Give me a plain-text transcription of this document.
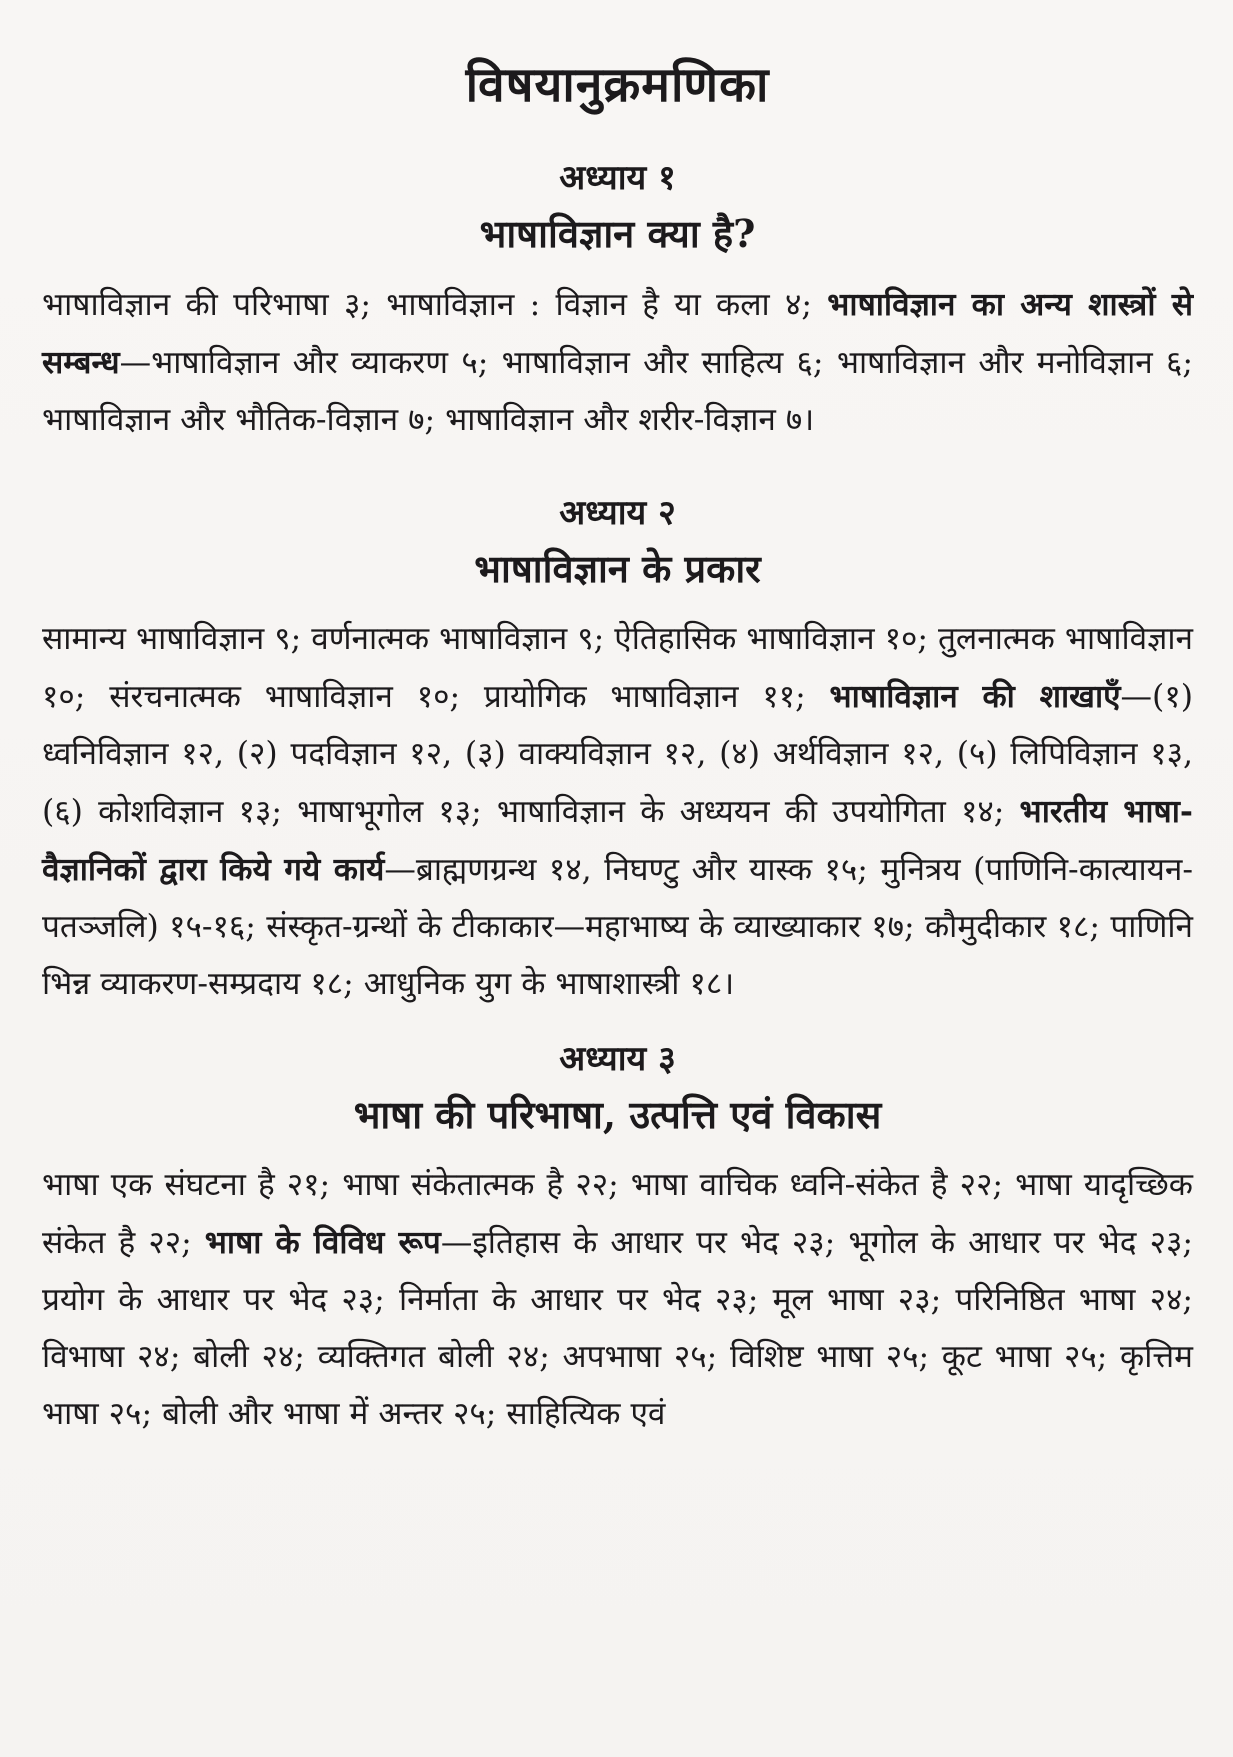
विषयानुक्रमणिका
अध्याय १
भाषाविज्ञान क्या है?

भाषाविज्ञान की परिभाषा ३; भाषाविज्ञान : विज्ञान है या कला ४; भाषाविज्ञान का अन्य शास्त्रों से सम्बन्ध—भाषाविज्ञान और व्याकरण ५; भाषाविज्ञान और साहित्य ६; भाषाविज्ञान और मनोविज्ञान ६; भाषाविज्ञान और भौतिक-विज्ञान ७; भाषाविज्ञान और शरीर-विज्ञान ७।

अध्याय २
भाषाविज्ञान के प्रकार

सामान्य भाषाविज्ञान ९; वर्णनात्मक भाषाविज्ञान ९; ऐतिहासिक भाषाविज्ञान १०; तुलनात्मक भाषाविज्ञान १०; संरचनात्मक भाषाविज्ञान १०; प्रायोगिक भाषाविज्ञान ११; भाषाविज्ञान की शाखाएँ—(१) ध्वनिविज्ञान १२, (२) पदविज्ञान १२, (३) वाक्यविज्ञान १२, (४) अर्थविज्ञान १२, (५) लिपिविज्ञान १३, (६) कोशविज्ञान १३; भाषाभूगोल १३; भाषाविज्ञान के अध्ययन की उपयोगिता १४; भारतीय भाषा-वैज्ञानिकों द्वारा किये गये कार्य—ब्राह्मणग्रन्थ १४, निघण्टु और यास्क १५; मुनित्रय (पाणिनि-कात्यायन-पतञ्जलि) १५-१६; संस्कृत-ग्रन्थों के टीकाकार—महाभाष्य के व्याख्याकार १७; कौमुदीकार १८; पाणिनि भिन्न व्याकरण-सम्प्रदाय १८; आधुनिक युग के भाषाशास्त्री १८।

अध्याय ३
भाषा की परिभाषा, उत्पत्ति एवं विकास

भाषा एक संघटना है २१; भाषा संकेतात्मक है २२; भाषा वाचिक ध्वनि-संकेत है २२; भाषा यादृच्छिक संकेत है २२; भाषा के विविध रूप—इतिहास के आधार पर भेद २३; भूगोल के आधार पर भेद २३; प्रयोग के आधार पर भेद २३; निर्माता के आधार पर भेद २३; मूल भाषा २३; परिनिष्ठित भाषा २४; विभाषा २४; बोली २४; व्यक्तिगत बोली २४; अपभाषा २५; विशिष्ट भाषा २५; कूट भाषा २५; कृत्तिम भाषा २५; बोली और भाषा में अन्तर २५; साहित्यिक एवं
